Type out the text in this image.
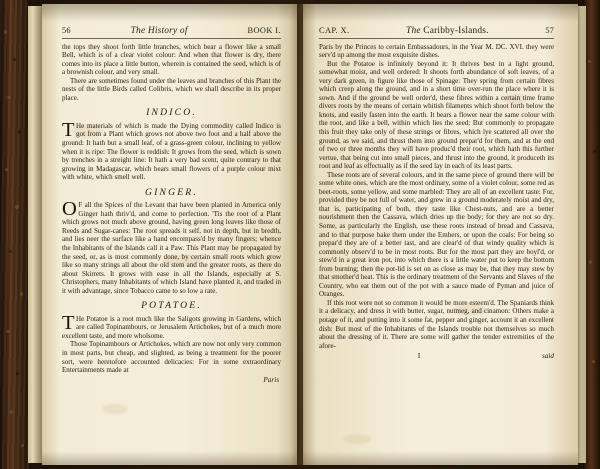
56	The History of	BOOK I.

the tops they shoot forth little branches, which bear a flower like a small Bell, which is of a clear violet colour: And when that flower is dry, there comes into its place a little button, wherein is contained the seed, which is of a brownish colour, and very small.

There are sometimes found under the leaves and branches of this Plant the nests of the little Birds called Colibris, which we shall describe in its proper place.

INDICO.
T He materials of which is made the Dying commodity called Indico is got from a Plant which grows not above two foot and a half above the ground: It hath but a small leaf, of a grass-green colour, inclining to yellow when it is ripe: The flower is reddish: It grows from the seed, which is sown by trenches in a streight line: It hath a very bad scent, quite contrary to that growing in Madagascar, which bears small flowers of a purple colour mixt with white, which smell well.

GINGER.
O F all the Spices of the Levant that have been planted in America only Ginger hath thriv'd, and come to perfection. 'Tis the root of a Plant which grows not much above ground, having green long leaves like those of Reeds and Sugar-canes: The root spreads it self, not in depth, but in bredth, and lies neer the surface like a hand encompass'd by many fingers; whence the Inhabitants of the Islands call it a Paw. This Plant may be propagated by the seed, or, as is most commonly done, by certain small roots which grow like so many strings all about the old stem and the greater roots, as there do about Skirrets. It grows with ease in all the Islands, especially at S. Christophers, many Inhabitants of which Island have planted it, and traded in it with advantage, since Tobacco came to so low a rate.

POTATOE.
T He Potatoe is a root much like the Saligots growing in Gardens, which are called Topinambours, or Jerusalem Artichokes, but of a much more excellent taste, and more wholsome.

Those Topinambours or Artichokes, which are now not only very common in most parts, but cheap, and slighted, as being a treatment for the poorer sort, were heretofore accounted delicacies: For in some extraordinary Entertainments made at

Paris
CAP. X.	The Caribby-Islands.	57

Paris by the Princes to certain Embassadours, in the Year M. DC. XVI. they were serv'd up among the most exquisite dishes.

But the Potatoe is infinitely beyond it: It thrives best in a light ground, somewhat moist, and well ordered: It shoots forth abundance of soft leaves, of a very dark green, in figure like those of Spinage: They spring from certain fibres which creep along the ground, and in a short time over-run the place where it is sown. And if the ground be well order'd, these fibres within a certain time frame divers roots by the means of certain whitish filaments which shoot forth below the knots, and easily fasten into the earth. It bears a flower near the same colour with the root, and like a bell, within which lies the seed: But commonly to propagate this fruit they take only of these strings or fibres, which lye scattered all over the ground, as we said, and thrust them into ground prepar'd for them, and at the end of two or three months they will have produc'd their root, which hath this further vertue, that being cut into small pieces, and thrust into the ground, it produceth its root and leaf as effectually as if the seed lay in each of its least parts.

These roots are of several colours, and in the same piece of ground there will be some white ones, which are the most ordinary, some of a violet colour, some red as beet-roots, some yellow, and some marbled: They are all of an excellent taste: For, provided they be not full of water, and grew in a ground moderately moist and dry, that is, participating of both, they taste like Chest-nuts, and are a better nourishment then the Cassava, which dries up the body; for they are not so dry. Some, as particularly the English, use these roots instead of bread and Cassava, and to that purpose bake them under the Embers, or upon the coals: For being so prepar'd they are of a better tast, and are clear'd of that windy quality which is commonly observ'd to be in most roots. But for the most part they are boyl'd, or stew'd in a great iron pot, into which there is a little water put to keep the bottom from burning; then the pot-lid is set on as close as may be, that they may stew by that smother'd heat. This is the ordinary treatment of the Servants and Slaves of the Country, who eat them out of the pot with a sauce made of Pyman and juice of Oranges.

If this root were not so common it would be more esteem'd. The Spaniards think it a delicacy, and dress it with butter, sugar, nutmeg, and cinamon: Others make a potage of it, and putting into it some fat, pepper and ginger, account it an excellent dish: But most of the Inhabitants of the Islands trouble not themselves so much about the dressing of it. There are some will gather the tender extremities of the afore-

I	said
